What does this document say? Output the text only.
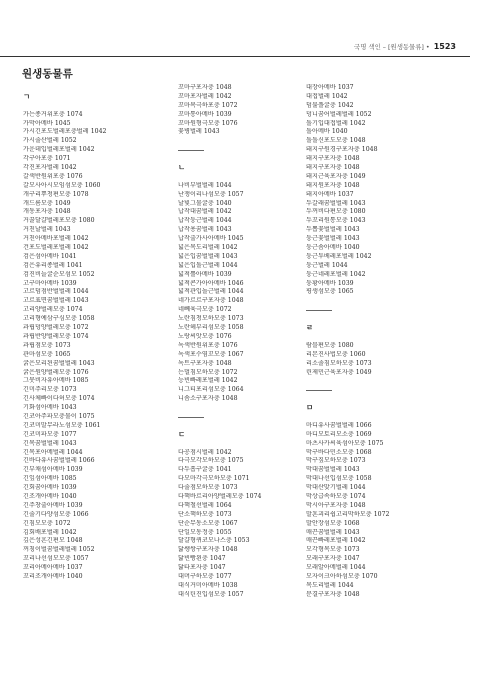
국명 색인 – [원생동물류] • 1523
원생동물류
ㄱ
가는종거위포충 1074
가막아메바 1045
가시긴포도벌레포충벌레 1042
가시줄산벌레 1052
가운데입벌레포벌레 1042
각구아포충 1071
각진포자벌레 1042
갈색반원위포충 1076
갈모사아시모임섬모충 1060
개구리뿌청편모충 1078
개드름모충 1049
개동포자충 1048
거꿀달걀벌레포모충 1080
거친날벌레 1043
거친아메바포벌레 1042
건포도벌레포벌레 1042
검은섬아메바 1041
검은유리종벌레 1041
검진비늘굴순모섬모 1052
고구마아메바 1039
고르덤점반벌벌레 1044
고르표면꿈벌벌레 1043
고리양벌레모충 1074
고리형예삼구심모충 1058
과립덩양벌레모충 1072
과립반양벌레모충 1074
과립점모충 1073
관마섬모충 1065
굵은모리된꿈벌벌레 1043
굵은원양벌레모충 1076
그뭇비자유아메바 1085
긴미주리모충 1073
긴사체빠이다허모충 1074
기화섬아메바 1043
긴코아주파모충물이 1075
긴코미말무라노섬모충 1061
긴코미파모충 1077
긴목꿈벌벌레 1043
긴목포아메벌레 1044
긴바다유사꿈벌벌레 1066
긴부채섬아메바 1039
긴잎섬아메바 1085
긴회꿈아메바 1039
긴조개아메바 1040
긴주창출아메바 1039
긴줄기다양섬모충 1066
긴침모모충 1072
김회배포벌레 1042
깊은성흔긴편모 1048
꺼칭이벌꿈벌레벌레 1052
꼬리나선섬모모충 1057
꼬리아메아메바 1037
꼬리조개아메바 1040
꼬마구포자충 1048
꼬마포자벌레 1042
꼬마복극하포충 1072
꼬마통아메바 1039
꼬마원형극모충 1076
꽃병벌레 1043
ㄴ
나비부벌벌레 1044
난쟁이리나섬모충 1057
날빛그물굴충 1040
납작대꿈벌레 1042
납작둥근벌레 1044
납작용꿈벌레 1043
납작출가사아메바 1045
넓은목도리벌레 1042
넓은입꿈벌벌레 1043
넓은입돌근벌레 1044
넓적뿔아메바 1039
넓적콘가아아메바 1046
넓적관입놀근벌레 1044
네가르르구포자충 1048
네뻬육극모충 1072
노란침청모하모충 1073
노란헤부리섬모충 1058
노랑씨앗모충 1076
녹색반원위포충 1076
녹색포수염꼬모충 1067
녹트구포자충 1048
는멀침모하모충 1072
능빈빠레포벌레 1042
니그티포리섬모충 1064
니솜소구포자충 1048
ㄷ
다공점시벌레 1042
다극모각모하모충 1075
다두흡구굴충 1041
다모마각극모하모충 1071
다줄점모하모충 1073
다핵바르리아양벌레모충 1074
다핵철선벌레 1064
단소핵하모충 1073
단순무동소모충 1067
단일모동정충 1055
달걀형퀴코모나스충 1053
닮쌩쌍구포자충 1048
닮빈빵왼충 1047
닮타포자충 1047
대머구하모충 1077
대식거미아메바 1038
대식틴진입섬모충 1057
대장아메바 1037
대접벌레 1042
덤불플굴충 1042
덩니꿈어벌레벌레 1052
돌기입대접벌레 1042
돌아메바 1040
돌돌신포도모충 1048
돼지구원경구포자충 1048
돼지구포자충 1048
돼지구포자충 1048
돼지근육포자충 1049
돼지원포자충 1048
돼지아메바 1037
두갈래꿈벌벌레 1043
두꺼비다편모충 1080
두꼬리원통모충 1043
두뽑꽃벌벌레 1043
둥근꽃벌벌레 1043
둥근솜아메바 1040
둥근투베레포벌레 1042
둥근벌레 1044
둥근네레포벌레 1042
둥황아메바 1039
평생섬모충 1065
ㄹ
람블편모충 1080
리본진사법모충 1060
리소졸침모하모충 1073
린제민근육포자충 1049
ㅁ
마디유사꿈벌벌레 1066
마디모토리모소충 1069
마츠사카씨육섬아모충 1075
막구바다민소모충 1068
막구짚모하모충 1073
막대꿈벌벌레 1043
막대나선입섬모충 1058
막대산맞기벌레 1044
막상급속하모충 1074
막시아구포자충 1048
말혼괴리쉽고리막하모충 1072
말안장섬모충 1068
매끈꿈벌벌레 1043
매끈빠레포벌레 1042
모각형목모충 1073
모래구포자충 1047
모래알아메벌레 1044
모자이크아하섬모충 1070
목도리벌레 1044
문결구포자충 1048
